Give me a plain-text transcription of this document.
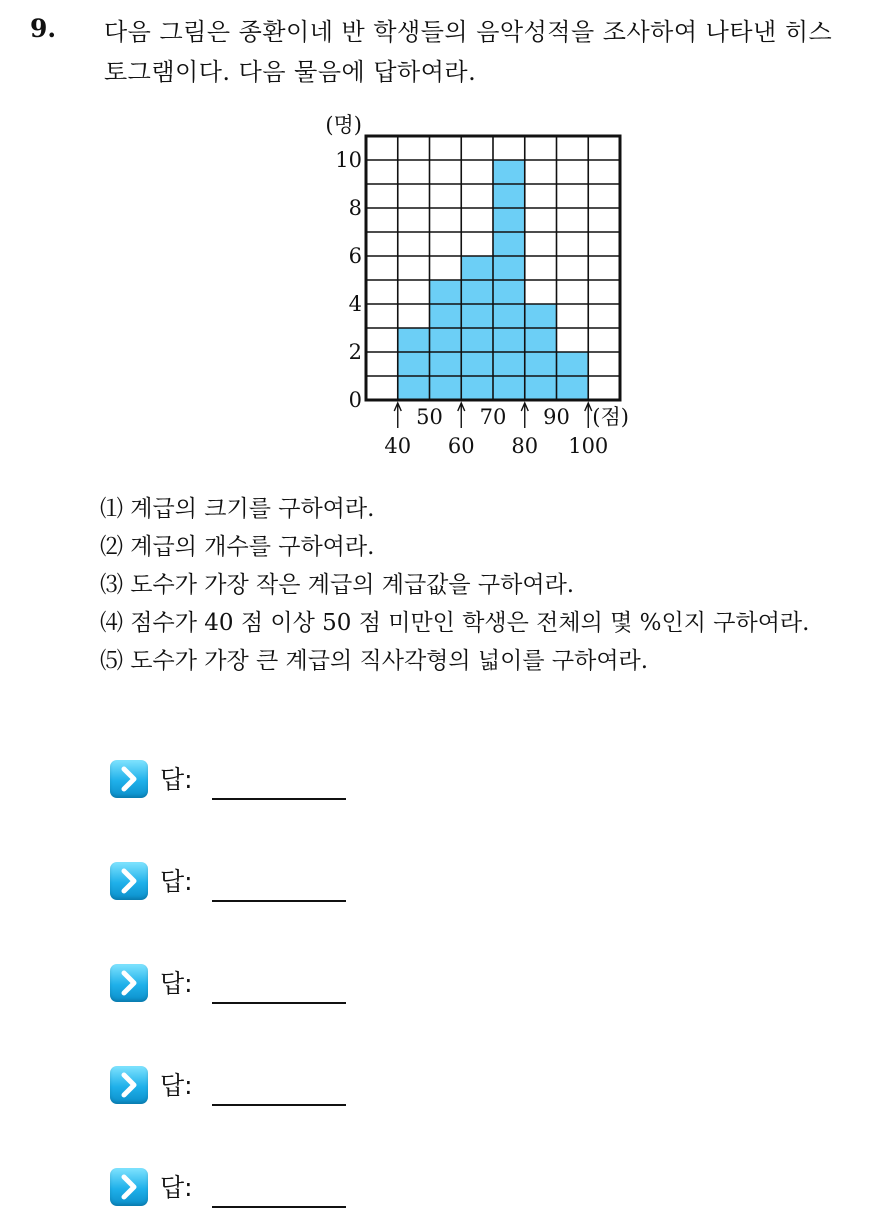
9. 다음 그림은 종환이네 반 학생들의 음악성적을 조사하여 나타낸 히스
토그램이다. 다음 물음에 답하여라.
0
2
4
6
8
10
(명)
50 70 90
40 60 80 100
(점)
⑴ 계급의 크기를 구하여라.
⑵ 계급의 개수를 구하여라.
⑶ 도수가 가장 작은 계급의 계급값을 구하여라.
⑷ 점수가 40 점 이상 50 점 미만인 학생은 전체의 몇 %인지 구하여라.
⑸ 도수가 가장 큰 계급의 직사각형의 넓이를 구하여라.
답:
답:
답:
답:
답:
